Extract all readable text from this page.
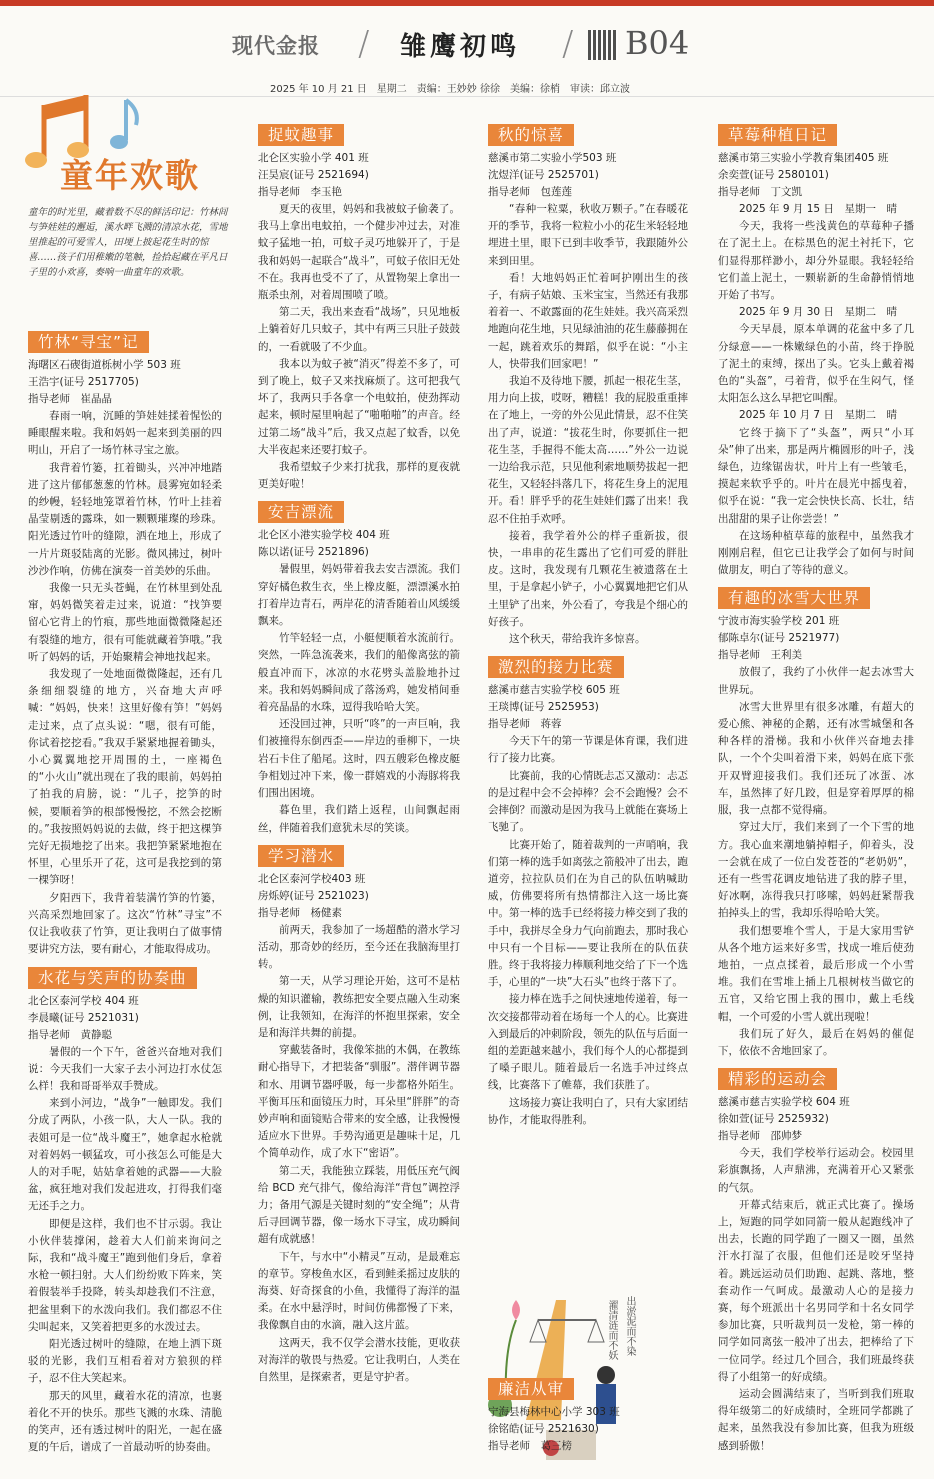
现代金报 / 雏鹰初鸣 / B04
2025 年 10 月 21 日　星期二　责编：王妙妙 徐徐　美编：徐梢　审读：邱立波
童年欢歌
童年的时光里，藏着数不尽的鲜活印记：竹林间与笋娃娃的邂逅，溪水畔飞溅的清凉水花，雪地里推起的可爱雪人，田埂上披起花生时的惊喜……孩子们用稚嫩的笔触，捡拾起藏在平凡日子里的小欢喜，奏响一曲童年的欢歌。
竹林“寻宝”记
海曙区石碶街道栎树小学 503 班
王浩宇(证号 2517705)
指导老师　崔晶晶

春雨一响，沉睡的笋娃娃揉着惺忪的睡眼醒来啦。我和妈妈一起来到美丽的四明山，开启了一场竹林寻宝之旅。

我背着竹篓，扛着锄头，兴冲冲地踏进了这片郁郁葱葱的竹林。晨雾宛如轻柔的纱幔，轻轻地笼罩着竹林，竹叶上挂着晶莹剔透的露珠，如一颗颗璀璨的珍珠。阳光透过竹叶的缝隙，洒在地上，形成了一片片斑驳陆离的光影。微风拂过，树叶沙沙作响，仿佛在演奏一首美妙的乐曲。

我像一只无头苍蝇，在竹林里到处乱窜，妈妈微笑着走过来，说道：“找笋要留心它背上的竹痕，那些地面微微隆起还有裂缝的地方，很有可能就藏着笋哦。”我听了妈妈的话，开始聚精会神地找起来。

我发现了一处地面微微隆起，还有几条细细裂缝的地方，兴奋地大声呼喊：“妈妈，快来！这里好像有笋！”妈妈走过来，点了点头说：“嗯，很有可能，你试着挖挖看。”我双手紧紧地握着锄头，小心翼翼地挖开周围的土，一座褐色的“小火山”就出现在了我的眼前，妈妈拍了拍我的肩膀，说：“儿子，挖笋的时候，要顺着笋的根部慢慢挖，不然会挖断的。”我按照妈妈说的去做，终于把这棵笋完好无损地挖了出来。我把笋紧紧地抱在怀里，心里乐开了花，这可是我挖到的第一棵笋呀！

夕阳西下，我背着装满竹笋的竹篓，兴高采烈地回家了。这次“竹林”寻宝”不仅让我收获了竹笋，更让我明白了做事情要讲究方法，要有耐心，才能取得成功。

水花与笑声的协奏曲
北仑区泰河学校 404 班
李晨曦(证号 2521031)
指导老师　黄静聪

暑假的一个下午，爸爸兴奋地对我们说：今天我们一大家子去小河边打水仗怎么样！我和哥哥举双手赞成。

来到小河边，“战争”一触即发。我们分成了两队，小孩一队，大人一队。我的表姐可是一位“战斗魔王”，她拿起水枪就对着妈妈一顿猛攻，可小孩怎么可能是大人的对手呢，姑姑拿着她的武器——大脸盆，疯狂地对我们发起进攻，打得我们毫无还手之力。

即便是这样，我们也不甘示弱。我让小伙伴装撑闲，趁着大人们前来询问之际，我和“战斗魔王”跑到他们身后，拿着水枪一顿扫射。大人们纷纷败下阵来，笑着假装举手投降，转头却趁我们不注意，把盆里剩下的水泼向我们。我们都忍不住尖叫起来，又笑着把更多的水泼过去。

阳光透过树叶的缝隙，在地上洒下斑驳的光影，我们互相看着对方狼狈的样子，忍不住大笑起来。

那天的风里，藏着水花的清凉，也裹着化不开的快乐。那些飞溅的水珠、清脆的笑声，还有透过树叶的阳光，一起在盛夏的午后，谱成了一首最动听的协奏曲。

捉蚊趣事
北仑区实验小学 401 班
汪昊宸(证号 2521694)
指导老师　李玉艳

夏天的夜里，妈妈和我被蚊子偷袭了。我马上拿出电蚊拍，一个健步冲过去，对准蚊子猛地一拍，可蚊子灵巧地躲开了，于是我和妈妈一起联合“战斗”，可蚊子依旧无处不在。我再也受不了了，从置物架上拿出一瓶杀虫剂，对着周围喷了喷。

第二天，我出来查看“战场”，只见地板上躺着好几只蚊子，其中有两三只肚子鼓鼓的，一看就吸了不少血。

我本以为蚊子被“消灭”得差不多了，可到了晚上，蚊子又来找麻烦了。这可把我气坏了，我两只手各拿一个电蚊拍，使劲挥动起来，顿时屋里响起了“啪啪啪”的声音。经过第二场“战斗”后，我又点起了蚊香，以免大半夜起来还要打蚊子。

我希望蚊子少来打扰我，那样的夏夜就更美好啦！

安吉漂流
北仑区小港实验学校 404 班
陈以诺(证号 2521896)

暑假里，妈妈带着我去安吉漂流。我们穿好橘色救生衣，坐上橡皮艇，漂漂溪水拍打着岸边青石，两岸花的清香随着山风缓缓飘来。

竹竿轻轻一点，小艇便顺着水流前行。突然，一阵急流袭来，我们的船像离弦的箭般直冲而下，冰凉的水花劈头盖脸地扑过来。我和妈妈瞬间成了落汤鸡，她发梢间垂着亮晶晶的水珠，逗得我哈哈大笑。

还没回过神，只听“咚”的一声巨响，我们被撞得东倒西歪——岸边的垂柳下，一块岩石卡住了船尾。这时，四五艘彩色橡皮艇争相划过冲下来，像一群嬉戏的小海豚将我们围出困境。

暮色里，我们踏上返程，山间飘起雨丝，伴随着我们意犹未尽的笑谈。

学习潜水
北仑区泰河学校403 班
房烁婷(证号 2521023)
指导老师　杨健素

前两天，我参加了一场超酷的潜水学习活动，那奇妙的经历，至今还在我脑海里打转。

第一天，从学习理论开始，这可不是枯燥的知识灌输，教练把安全要点融入生动案例，让我领知，在海洋的怀抱里探索，安全是和海洋共舞的前提。

穿戴装备时，我像笨拙的木偶，在教练耐心指导下，才把装备“驯服”。潜伴调节器和水、用调节器呼吸，每一步都格外陌生。平衡耳压和面镜压力时，耳朵里“胖胖”的奇妙声响和面镜贴合带来的安全感，让我慢慢适应水下世界。手势沟通更是趣味十足，几个简单动作，成了水下“密语”。

第二天，我能独立踩装，用低压充气阀给 BCD 充气排气，像给海洋“背包”调控浮力；备用气源是关键时刻的“安全绳”；从背后寻回调节器，像一场水下寻宝，成功瞬间超有成就感！

下午，与水中“小精灵”互动，是最难忘的章节。穿梭鱼水区，看到鲑柔摇过皮肤的海葵、好奇探食的小鱼，我懂得了海洋的温柔。在水中悬浮时，时间仿佛都慢了下来，我像飘自由的水滴，融入这片蓝。

这两天，我不仅学会潜水技能，更收获对海洋的敬畏与热爱。它让我明白，人类在自然里，是探索者，更是守护者。

秋的惊喜
慈溪市第二实验小学503 班
沈煜洋(证号 2525701)
指导老师　包莲莲

“春种一粒粟，秋收万颗子。”在春暖花开的季节，我将一粒粒小小的花生米轻轻地埋进土里，眼下已到丰收季节，我跟随外公来到田里。

看！大地妈妈正忙着呵护刚出生的孩子，有病子姑娘、玉米宝宝，当然还有我那着着一、不敢露面的花生娃娃。我兴高采烈地跑向花生地，只见绿油油的花生藤藤拥在一起，跳着欢乐的舞蹈，似乎在说：“小主人，快带我们回家吧！”

我迫不及待地下腰，抓起一根花生茎，用力向上拔，哎呀，糟糕！我的屁股重重摔在了地上，一旁的外公见此情景，忍不住笑出了声，说道：“拔花生时，你要抓住一把花生茎，手握得不能太高……”外公一边说一边给我示范，只见他利索地顺势拔起一把花生，又轻轻抖落几下，将花生身上的泥甩开。看！胖乎乎的花生娃娃们露了出来！我忍不住拍手欢呼。

接着，我学着外公的样子重新拔，很快，一串串的花生露出了它们可爱的胖肚皮。这时，我发现有几颗花生被遗落在土里，于是拿起小铲子，小心翼翼地把它们从土里铲了出来，外公看了，夸我是个细心的好孩子。

这个秋天，带给我许多惊喜。

激烈的接力比赛
慈溪市慈吉实验学校 605 班
王琰博(证号 2525953)
指导老师　蒋蓉

今天下午的第一节课是体育课，我们进行了接力比赛。

比赛前，我的心情既忐忑又激动：忐忑的是过程中会不会掉棒？会不会跑慢？会不会摔倒？而激动是因为我马上就能在赛场上飞驰了。

比赛开始了，随着裁判的一声哨响，我们第一棒的选手如离弦之箭般冲了出去，跑道旁，拉拉队员们在为自己的队伍呐喊助威，仿佛要将所有热情都注入这一场比赛中。第一棒的选手已经将接力棒交到了我的手中，我拼尽全身力气向前跑去，那时我心中只有一个目标——要让我所在的队伍获胜。终于我将接力棒顺利地交给了下一个选手，心里的“一块”大石头”也终于落下了。

接力棒在选手之间快速地传递着，每一次交接都带动着在场每一个人的心。比赛进入到最后的冲刺阶段，领先的队伍与后面一组的差距越来越小，我们每个人的心都提到了嗓子眼儿。随着最后一名选手冲过终点线，比赛落下了帷幕，我们获胜了。

这场接力赛让我明白了，只有大家团结协作，才能取得胜利。

出淤泥而不染
濯清涟而不妖
廉洁从审
宁海县梅林中心小学 303 班
徐铭皓(证号 2521630)
指导老师　葛三榜
草莓种植日记
慈溪市第三实验小学教育集团405 班
余奕萱(证号 2580101)
指导老师　丁文凯

2025 年 9 月 15 日　星期一　晴

今天，我将一些浅黄色的草莓种子播在了泥土上。在棕黑色的泥土衬托下，它们显得那样渺小，却分外显眼。我轻轻给它们盖上泥土，一颗崭新的生命静悄悄地开始了书写。

2025 年 9 月 30 日　星期二　晴

今天早晨，原本单调的花盆中多了几分绿意——一株嫩绿色的小苗，终于挣脱了泥土的束缚，探出了头。它头上戴着褐色的“头盔”，弓着背，似乎在生闷气，怪太阳怎么这么早把它叫醒。

2025 年 10 月 7 日　星期二　晴

它终于摘下了“头盔”，两只“小耳朵”伸了出来，那是两片椭圆形的叶子，浅绿色，边缘锯齿状，叶片上有一些皱毛，摸起来软乎乎的。叶片在晨光中摇曳着，似乎在说：“我一定会快快长高、长壮，结出甜甜的果子让你尝尝！”

在这场种植草莓的旅程中，虽然我才刚刚启程，但它已让我学会了如何与时间做朋友，明白了等待的意义。

有趣的冰雪大世界
宁波市海实验学校 201 班
郁陈卓尔(证号 2521977)
指导老师　王利美

放假了，我约了小伙伴一起去冰雪大世界玩。

冰雪大世界里有很多冰雕，有超大的爱心熊、神秘的企鹅，还有冰雪城堡和各种各样的滑梯。我和小伙伴兴奋地去排队，一个个尖叫着滑下来，妈妈在底下张开双臂迎接我们。我们还玩了冰蛋、冰车，虽然摔了好几跤，但是穿着厚厚的棉服，我一点都不觉得痛。

穿过大厅，我们来到了一个下雪的地方。我心血来潮地躺掉帽子，仰着头，没一会就在成了一位白发苍苍的“老奶奶”，还有一些雪花调皮地钻进了我的脖子里，好冰啊，冻得我只打哆嗦，妈妈赶紧帮我拍掉头上的雪，我却乐得哈哈大笑。

我们想要堆个雪人，于是大家用雪铲从各个地方运来好多雪，找成一堆后使劲地拍，一点点揉着，最后形成一个小雪堆。我们在雪堆上插上几根树枝当做它的五官，又给它围上我的围巾，戴上毛线帽，一个可爱的小雪人就出现啦！

我们玩了好久，最后在妈妈的催促下，依依不舍地回家了。

精彩的运动会
慈溪市慈吉实验学校 604 班
徐如萱(证号 2525932)
指导老师　邵帅梦

今天，我们学校举行运动会。校园里彩旗飘扬，人声鼎沸，充满着开心又紧张的气氛。

开幕式结束后，就正式比赛了。操场上，短跑的同学如同箭一般从起跑线冲了出去，长跑的同学跑了一圈又一圈，虽然汗水打湿了衣服，但他们还是咬牙坚持着。跳远运动员们助跑、起跳、落地，整套动作一气呵成。最激动人心的是接力赛，每个班派出十名男同学和十名女同学参加比赛，只听裁判员一发枪，第一棒的同学如同离弦一般冲了出去，把棒给了下一位同学。经过几个回合，我们班最终获得了小组第一的好成绩。

运动会圆满结束了，当听到我们班取得年级第二的好成绩时，全班同学都跳了起来，虽然我没有参加比赛，但我为班级感到骄傲！
